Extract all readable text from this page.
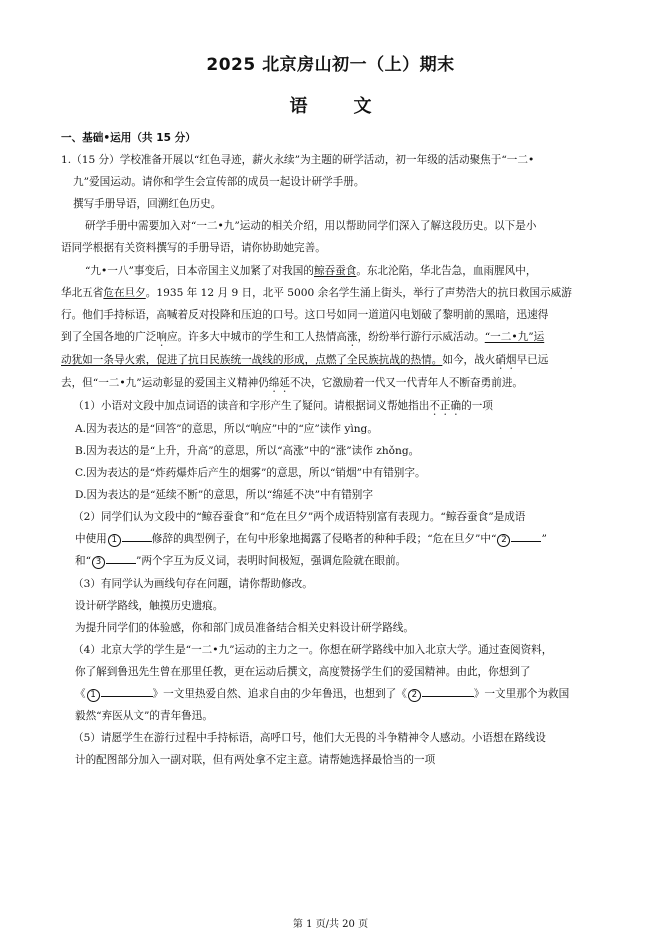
2025 北京房山初一（上）期末
语文

一、基础•运用（共 15 分）

1.（15 分）学校准备开展以“红色寻迹，薪火永续”为主题的研学活动，初一年级的活动聚焦于“一二•

九”爱国运动。请你和学生会宣传部的成员一起设计研学手册。

撰写手册导语，回溯红色历史。

研学手册中需要加入对“一二•九”运动的相关介绍，用以帮助同学们深入了解这段历史。以下是小

语同学根据有关资料撰写的手册导语，请你协助她完善。

“九•一八”事变后，日本帝国主义加紧了对我国的鲸吞蚕食。东北沦陷，华北告急，血雨腥风中，

华北五省危在旦夕。1935 年 12 月 9 日，北平 5000 余名学生涌上街头，举行了声势浩大的抗日救国示威游

行。他们手持标语，高喊着反对投降和压迫的口号。这口号如同一道道闪电划破了黎明前的黑暗，迅速得

到了全国各地的广泛响应。许多大中城市的学生和工人热情高涨，纷纷举行游行示威活动。“一二•九”运

动犹如一条导火索，促进了抗日民族统一战线的形成，点燃了全民族抗战的热情。如今，战火硝烟早已远

去，但“一二•九”运动彰显的爱国主义精神仍绵延不决，它激励着一代又一代青年人不断奋勇前进。

（1）小语对文段中加点词语的读音和字形产生了疑问。请根据词义帮她指出不正确的一项

A.因为表达的是“回答”的意思，所以“响应”中的“应”读作 yìng。

B.因为表达的是“上升，升高”的意思，所以“高涨”中的“涨”读作 zhǒng。

C.因为表达的是“炸药爆炸后产生的烟雾”的意思，所以“销烟”中有错别字。

D.因为表达的是“延续不断”的意思，所以“绵延不决”中有错别字

（2）同学们认为文段中的“鲸吞蚕食”和“危在旦夕”两个成语特别富有表现力。“鲸吞蚕食”是成语

中使用 1	修辞的典型例子，在句中形象地揭露了侵略者的种种手段；“危在旦夕”中“ 2	”

和“ 3	”两个字互为反义词，表明时间极短，强调危险就在眼前。

（3）有同学认为画线句存在问题，请你帮助修改。

设计研学路线，触摸历史遗痕。

为提升同学们的体验感，你和部门成员准备结合相关史料设计研学路线。

（4）北京大学的学生是“一二•九”运动的主力之一。你想在研学路线中加入北京大学。通过查阅资料，

你了解到鲁迅先生曾在那里任教，更在运动后撰文，高度赞扬学生们的爱国精神。由此，你想到了

《 1	》一文里热爱自然、追求自由的少年鲁迅，也想到了《 2	》一文里那个为救国

毅然“弃医从文”的青年鲁迅。

（5）请愿学生在游行过程中手持标语，高呼口号，他们大无畏的斗争精神令人感动。小语想在路线设

计的配图部分加入一副对联，但有两处拿不定主意。请帮她选择最恰当的一项

第 1 页/共 20 页
